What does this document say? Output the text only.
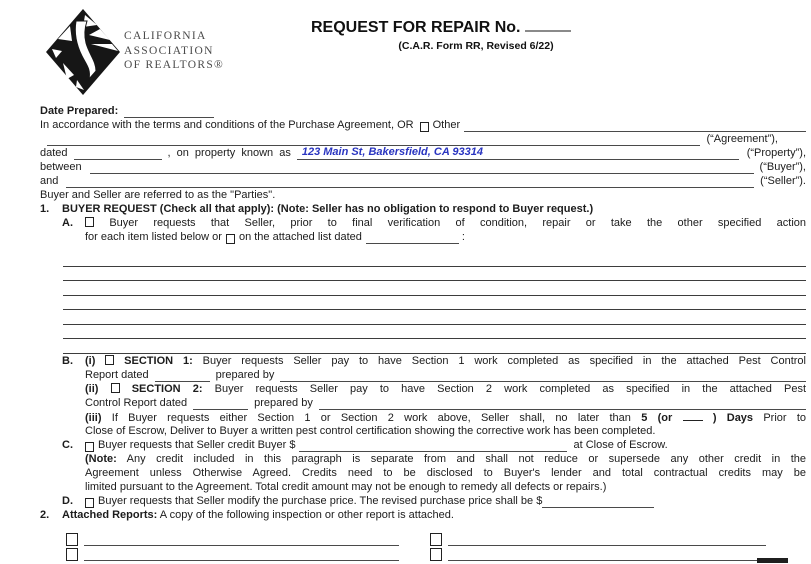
CALIFORNIA
ASSOCIATION
OF REALTORS®
REQUEST FOR REPAIR No.
(C.A.R. Form RR, Revised 6/22)
Date Prepared:
In accordance with the terms and conditions of the Purchase Agreement, OR Other
(“Agreement”),
dated	, on property known as	123 Main St, Bakersfield, CA 93314	(“Property”),
between	(“Buyer”),
and	(“Seller”).
Buyer and Seller are referred to as the "Parties".
1.	BUYER REQUEST (Check all that apply): (Note: Seller has no obligation to respond to Buyer request.)
A.	Buyer requests that Seller, prior to final verification of condition, repair or take the other specified action
for each item listed below or on the attached list dated	:
B.	(i)	SECTION 1: Buyer requests Seller pay to have Section 1 work completed as specified in the attached Pest Control
Report dated	prepared by
(ii)	SECTION 2: Buyer requests Seller pay to have Section 2 work completed as specified in the attached Pest
Control Report dated	prepared by
(iii) If Buyer requests either Section 1 or Section 2 work above, Seller shall, no later than 5 (or	) Days Prior to
Close of Escrow, Deliver to Buyer a written pest control certification showing the corrective work has been completed.
C.	Buyer requests that Seller credit Buyer $	at Close of Escrow.
(Note: Any credit included in this paragraph is separate from and shall not reduce or supersede any other credit in the
Agreement unless Otherwise Agreed. Credits need to be disclosed to Buyer's lender and total contractual credits may be
limited pursuant to the Agreement. Total credit amount may not be enough to remedy all defects or repairs.)
D.	Buyer requests that Seller modify the purchase price. The revised purchase price shall be $
2.	Attached Reports: A copy of the following inspection or other report is attached.
